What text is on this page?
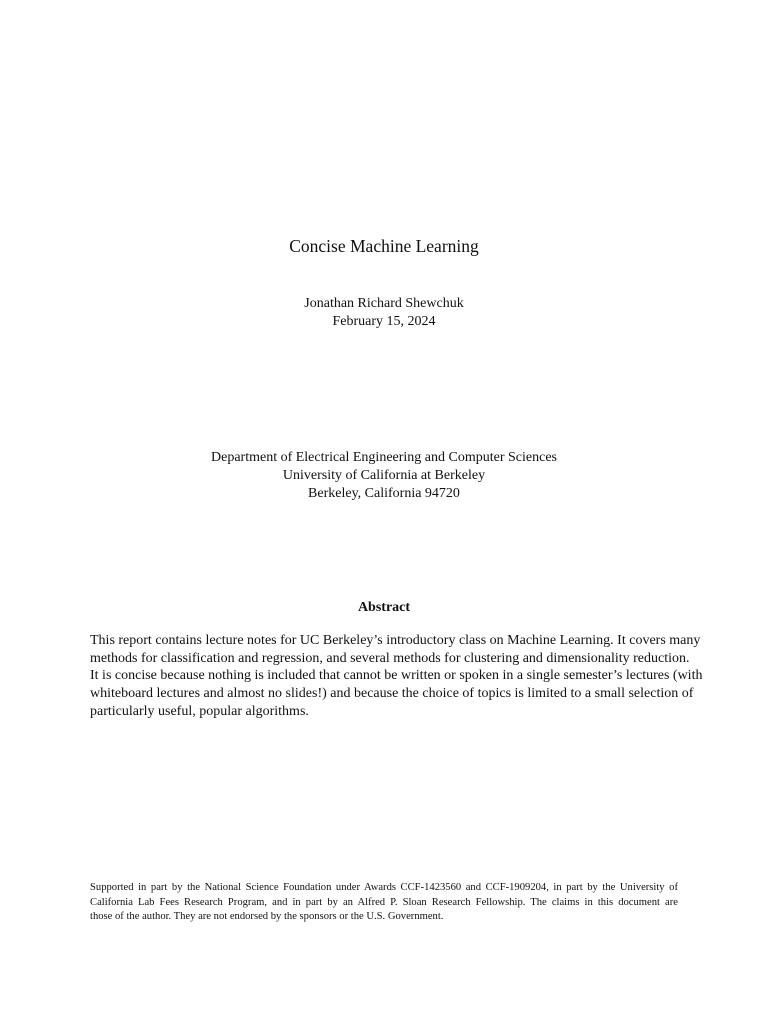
Concise Machine Learning
Jonathan Richard Shewchuk
February 15, 2024
Department of Electrical Engineering and Computer Sciences
University of California at Berkeley
Berkeley, California 94720
Abstract
This report contains lecture notes for UC Berkeley’s introductory class on Machine Learning. It covers many
methods for classification and regression, and several methods for clustering and dimensionality reduction.
It is concise because nothing is included that cannot be written or spoken in a single semester’s lectures (with
whiteboard lectures and almost no slides!) and because the choice of topics is limited to a small selection of
particularly useful, popular algorithms.
Supported in part by the National Science Foundation under Awards CCF-1423560 and CCF-1909204, in part by the University of
California Lab Fees Research Program, and in part by an Alfred P. Sloan Research Fellowship. The claims in this document are
those of the author. They are not endorsed by the sponsors or the U.S. Government.
